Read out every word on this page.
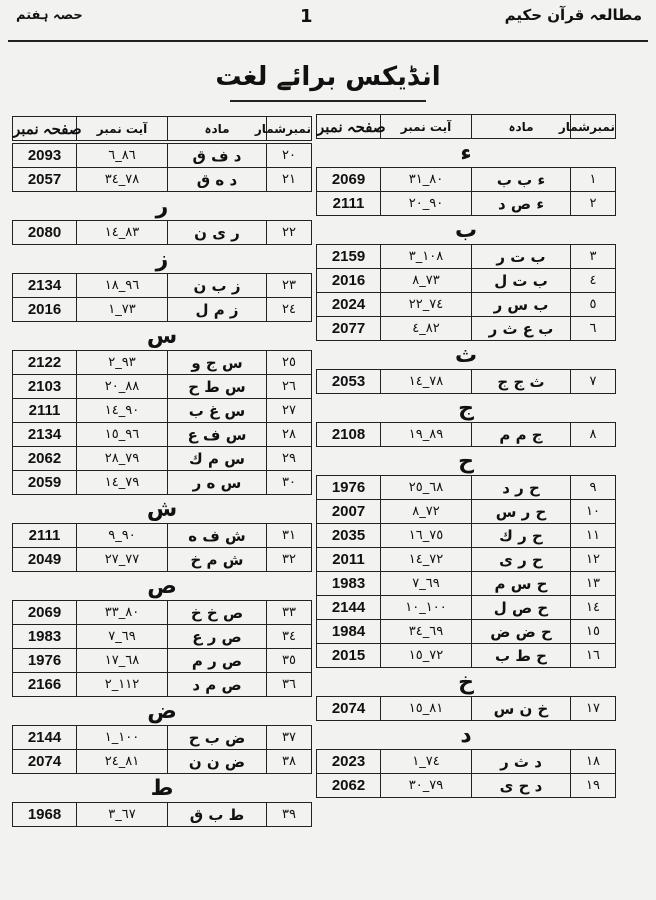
مطالعہ قرآن حکیم
1
حصہ ہفتم
انڈیکس برائے لغت
نمبرشمار	مادہ	آیت نمبر	صفحہ نمبر
ء
١	ء ب ب	٨٠_٣١	2069
٢	ء ص د	٩٠_٢٠	2111
ب
٣	ب ت ر	١٠٨_٣	2159
٤	ب ت ل	٧٣_٨	2016
٥	ب س ر	٧٤_٢٢	2024
٦	ب ع ث ر	٨٢_٤	2077
ث
٧	ث ج ج	٧٨_١٤	2053
ج
٨	ج م م	٨٩_١٩	2108
ح
٩	ح ر د	٦٨_٢٥	1976
١٠	ح ر س	٧٢_٨	2007
١١	ح ر ك	٧٥_١٦	2035
١٢	ح ر ى	٧٢_١٤	2011
١٣	ح س م	٦٩_٧	1983
١٤	ح ص ل	١٠٠_١٠	2144
١٥	ح ض ض	٦٩_٣٤	1984
١٦	ح ط ب	٧٢_١٥	2015
خ
١٧	خ ن س	٨١_١٥	2074
د
١٨	د ث ر	٧٤_١	2023
١٩	د ح ى	٧٩_٣٠	2062
نمبرشمار	مادہ	آیت نمبر	صفحہ نمبر
٢٠	د ف ق	٨٦_٦	2093
٢١	د ه ق	٧٨_٣٤	2057
ر
٢٢	ر ى ن	٨٣_١٤	2080
ز
٢٣	ز ب ن	٩٦_١٨	2134
٢٤	ز م ل	٧٣_١	2016
س
٢٥	س ج و	٩٣_٢	2122
٢٦	س ط ح	٨٨_٢٠	2103
٢٧	س غ ب	٩٠_١٤	2111
٢٨	س ف ع	٩٦_١٥	2134
٢٩	س م ك	٧٩_٢٨	2062
٣٠	س ه ر	٧٩_١٤	2059
ش
٣١	ش ف ه	٩٠_٩	2111
٣٢	ش م خ	٧٧_٢٧	2049
ص
٣٣	ص خ خ	٨٠_٣٣	2069
٣٤	ص ر ع	٦٩_٧	1983
٣٥	ص ر م	٦٨_١٧	1976
٣٦	ص م د	١١٢_٢	2166
ض
٣٧	ض ب ح	١٠٠_١	2144
٣٨	ض ن ن	٨١_٢٤	2074
ط
٣٩	ط ب ق	٦٧_٣	1968
